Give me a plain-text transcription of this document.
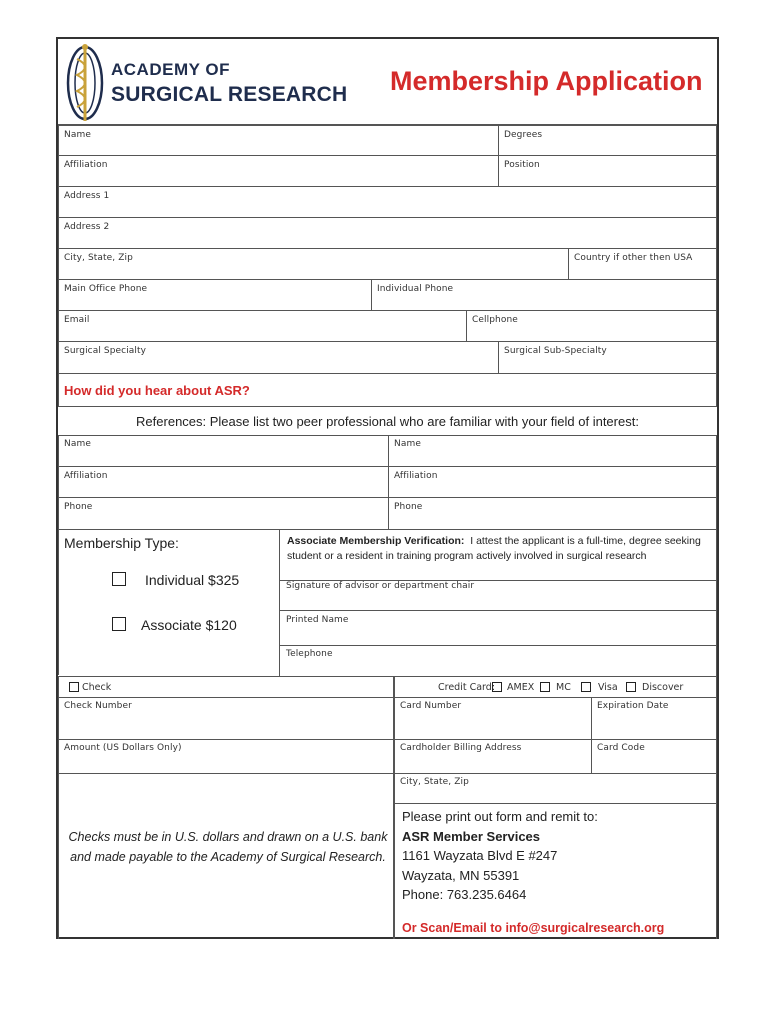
ACADEMY OF
SURGICAL RESEARCH Membership Application
Name	Degrees
Affiliation	Position
Address 1
Address 2
City, State, Zip	Country if other then USA
Main Office Phone	Individual Phone
Email	Cellphone
Surgical Specialty	Surgical Sub-Specialty
How did you hear about ASR?
References: Please list two peer professional who are familiar with your field of interest:
Name	Name
Affiliation	Affiliation
Phone	Phone
Membership Type:
Individual $325
Associate $120
Associate Membership Verification: I attest the applicant is a full-time, degree seeking student or a resident in training program actively involved in surgical research
Signature of advisor or department chair
Printed Name
Telephone
Check	Credit Card: AMEX MC	Visa	Discover
Check Number	Card Number	Expiration Date
Amount (US Dollars Only)	Cardholder Billing Address	Card Code
City, State, Zip
Checks must be in U.S. dollars and drawn on a U.S. bank and made payable to the Academy of Surgical Research.
Please print out form and remit to:
ASR Member Services
1161 Wayzata Blvd E #247
Wayzata, MN 55391
Phone: 763.235.6464
Or Scan/Email to info@surgicalresearch.org
